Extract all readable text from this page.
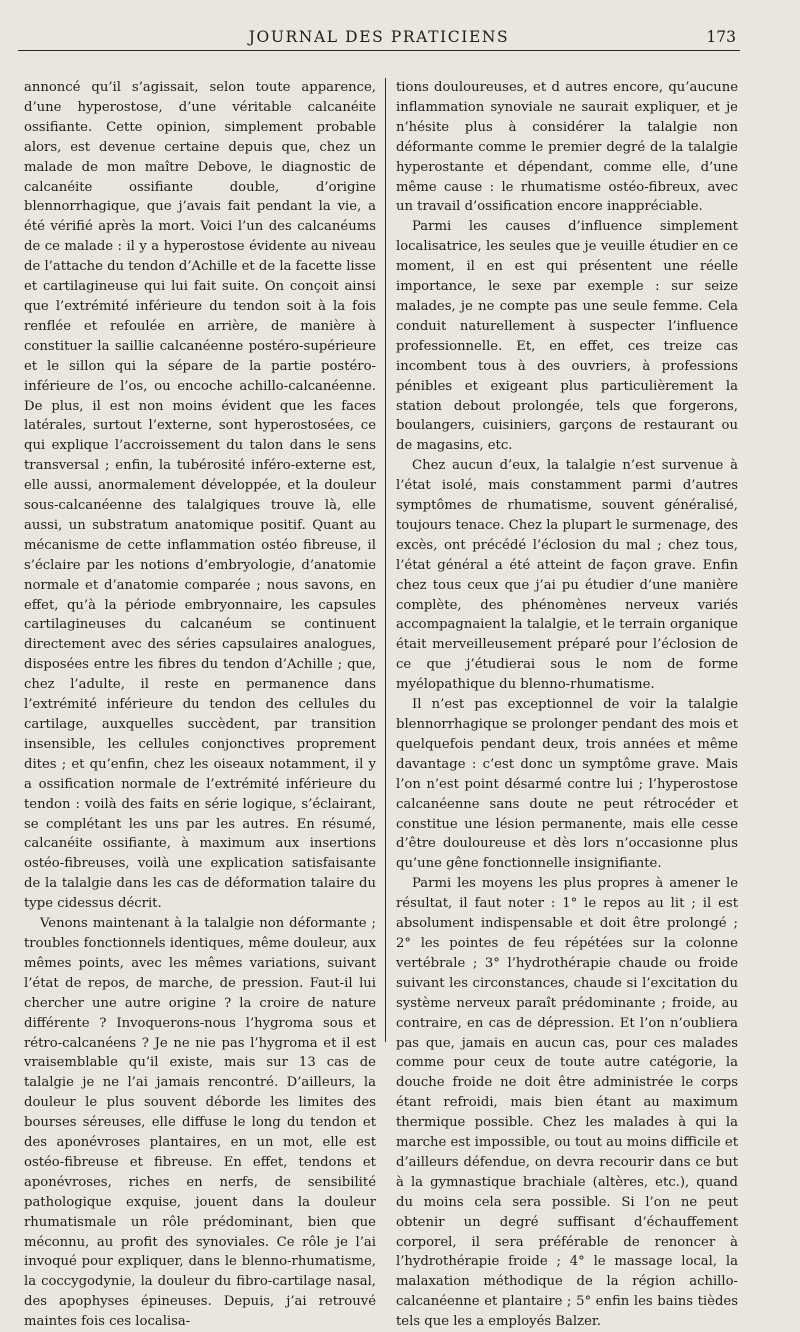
JOURNAL DES PRATICIENS	173

annoncé qu’il s’agissait, selon toute apparence, d’une hyperostose, d’une véritable calcanéite ossifiante. Cette opinion, simplement probable alors, est devenue certaine depuis que, chez un malade de mon maître Debove, le diagnostic de calcanéite ossifiante double, d’origine blennorrhagique, que j’avais fait pendant la vie, a été vérifié après la mort. Voici l’un des calcanéums de ce malade : il y a hyperostose évidente au niveau de l’attache du tendon d’Achille et de la facette lisse et cartilagineuse qui lui fait suite. On conçoit ainsi que l’extrémité inférieure du tendon soit à la fois renflée et refoulée en arrière, de manière à constituer la saillie calcanéenne postéro-supérieure et le sillon qui la sépare de la partie postéro-inférieure de l’os, ou encoche achillo-calcanéenne. De plus, il est non moins évident que les faces latérales, surtout l’externe, sont hyperostosées, ce qui explique l’accroissement du talon dans le sens transversal ; enfin, la tubérosité inféro-externe est, elle aussi, anormalement développée, et la douleur sous-calcanéenne des talalgiques trouve là, elle aussi, un substratum anatomique positif. Quant au mécanisme de cette inflammation ostéo fibreuse, il s’éclaire par les notions d’embryologie, d’anatomie normale et d’anatomie comparée ; nous savons, en effet, qu’à la période embryonnaire, les capsules cartilagineuses du calcanéum se continuent directement avec des séries capsulaires analogues, disposées entre les fibres du tendon d’Achille ; que, chez l’adulte, il reste en permanence dans l’extrémité inférieure du tendon des cellules du cartilage, auxquelles succèdent, par transition insensible, les cellules conjonctives proprement dites ; et qu’enfin, chez les oiseaux notamment, il y a ossification normale de l’extrémité inférieure du tendon : voilà des faits en série logique, s’éclairant, se complétant les uns par les autres. En résumé, calcanéite ossifiante, à maximum aux insertions ostéo-fibreuses, voilà une explication satisfaisante de la talalgie dans les cas de déformation talaire du type cidessus décrit.

Venons maintenant à la talalgie non déformante ; troubles fonctionnels identiques, même douleur, aux mêmes points, avec les mêmes variations, suivant l’état de repos, de marche, de pression. Faut-il lui chercher une autre origine ? la croire de nature différente ? Invoquerons-nous l’hygroma sous et rétro-calcanéens ? Je ne nie pas l’hygroma et il est vraisemblable qu’il existe, mais sur 13 cas de talalgie je ne l’ai jamais rencontré. D’ailleurs, la douleur le plus souvent déborde les limites des bourses séreuses, elle diffuse le long du tendon et des aponévroses plantaires, en un mot, elle est ostéo-fibreuse et fibreuse. En effet, tendons et aponévroses, riches en nerfs, de sensibilité pathologique exquise, jouent dans la douleur rhumatismale un rôle prédominant, bien que méconnu, au profit des synoviales. Ce rôle je l’ai invoqué pour expliquer, dans le blenno-rhumatisme, la coccygodynie, la douleur du fibro-cartilage nasal, des apophyses épineuses. Depuis, j’ai retrouvé maintes fois ces localisa-

tions douloureuses, et d autres encore, qu’aucune inflammation synoviale ne saurait expliquer, et je n’hésite plus à considérer la talalgie non déformante comme le premier degré de la talalgie hyperostante et dépendant, comme elle, d’une même cause : le rhumatisme ostéo-fibreux, avec un travail d’ossification encore inappréciable.

Parmi les causes d’influence simplement localisatrice, les seules que je veuille étudier en ce moment, il en est qui présentent une réelle importance, le sexe par exemple : sur seize malades, je ne compte pas une seule femme. Cela conduit naturellement à suspecter l’influence professionnelle. Et, en effet, ces treize cas incombent tous à des ouvriers, à professions pénibles et exigeant plus particulièrement la station debout prolongée, tels que forgerons, boulangers, cuisiniers, garçons de restaurant ou de magasins, etc.

Chez aucun d’eux, la talalgie n’est survenue à l’état isolé, mais constamment parmi d’autres symptômes de rhumatisme, souvent généralisé, toujours tenace. Chez la plupart le surmenage, des excès, ont précédé l’éclosion du mal ; chez tous, l’état général a été atteint de façon grave. Enfin chez tous ceux que j’ai pu étudier d’une manière complète, des phénomènes nerveux variés accompagnaient la talalgie, et le terrain organique était merveilleusement préparé pour l’éclosion de ce que j’étudierai sous le nom de forme myélopathique du blenno-rhumatisme.

Il n’est pas exceptionnel de voir la talalgie blennorrhagique se prolonger pendant des mois et quelquefois pendant deux, trois années et même davantage : c’est donc un symptôme grave. Mais l’on n’est point désarmé contre lui ; l’hyperostose calcanéenne sans doute ne peut rétrocéder et constitue une lésion permanente, mais elle cesse d’être douloureuse et dès lors n’occasionne plus qu’une gêne fonctionnelle insignifiante.

Parmi les moyens les plus propres à amener le résultat, il faut noter : 1° le repos au lit ; il est absolument indispensable et doit être prolongé ; 2° les pointes de feu répétées sur la colonne vertébrale ; 3° l’hydrothérapie chaude ou froide suivant les circonstances, chaude si l’excitation du système nerveux paraît prédominante ; froide, au contraire, en cas de dépression. Et l’on n’oubliera pas que, jamais en aucun cas, pour ces malades comme pour ceux de toute autre catégorie, la douche froide ne doit être administrée le corps étant refroidi, mais bien étant au maximum thermique possible. Chez les malades à qui la marche est impossible, ou tout au moins difficile et d’ailleurs défendue, on devra recourir dans ce but à la gymnastique brachiale (altères, etc.), quand du moins cela sera possible. Si l’on ne peut obtenir un degré suffisant d’échauffement corporel, il sera préférable de renoncer à l’hydrothérapie froide ; 4° le massage local, la malaxation méthodique de la région achillo-calcanéenne et plantaire ; 5° enfin les bains tièdes tels que les a employés Balzer.
